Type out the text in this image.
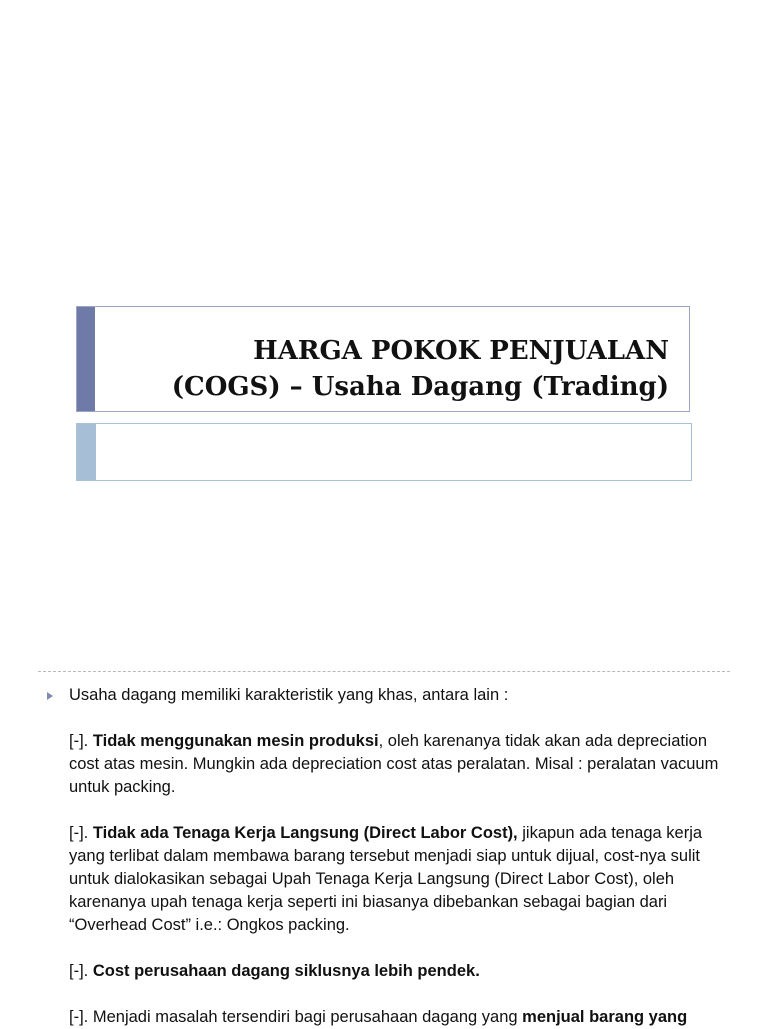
HARGA POKOK PENJUALAN
(COGS) – Usaha Dagang (Trading)

Usaha dagang memiliki karakteristik yang khas, antara lain :

[-]. Tidak menggunakan mesin produksi, oleh karenanya tidak akan ada depreciation cost atas mesin. Mungkin ada depreciation cost atas peralatan. Misal : peralatan vacuum untuk packing.

[-]. Tidak ada Tenaga Kerja Langsung (Direct Labor Cost), jikapun ada tenaga kerja yang terlibat dalam membawa barang tersebut menjadi siap untuk dijual, cost-nya sulit untuk dialokasikan sebagai Upah Tenaga Kerja Langsung (Direct Labor Cost), oleh karenanya upah tenaga kerja seperti ini biasanya dibebankan sebagai bagian dari “Overhead Cost” i.e.: Ongkos packing.

[-]. Cost perusahaan dagang siklusnya lebih pendek.

[-]. Menjadi masalah tersendiri bagi perusahaan dagang yang menjual barang yang
